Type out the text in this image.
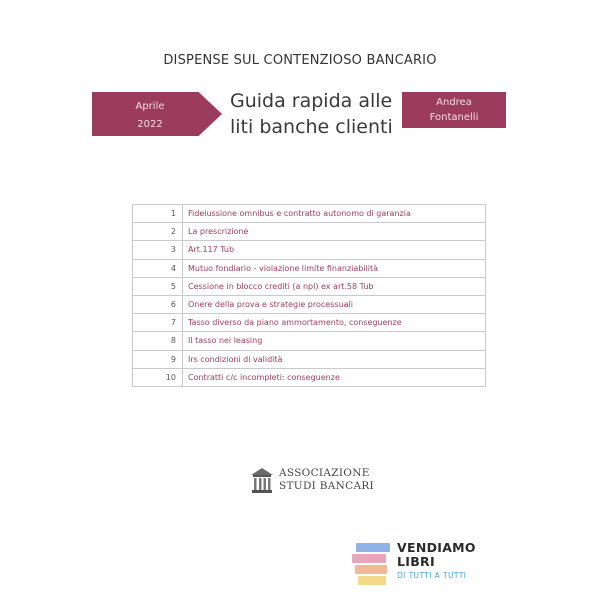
DISPENSE SUL CONTENZIOSO BANCARIO
Aprile
2022
Guida rapida alle
liti banche clienti
Andrea
Fontanelli
1	Fideiussione omnibus e contratto autonomo di garanzia
2	La prescrizione
3	Art.117 Tub
4	Mutuo fondiario - violazione limite finanziabilità
5	Cessione in blocco crediti (a npl) ex art.58 Tub
6	Onere della prova e strategie processuali
7	Tasso diverso da piano ammortamento, conseguenze
8	Il tasso nei leasing
9	Irs condizioni di validità
10	Contratti c/c incompleti: conseguenze
ASSOCIAZIONE
STUDI BANCARI
VENDIAMO
LIBRI
DI TUTTI A TUTTI
